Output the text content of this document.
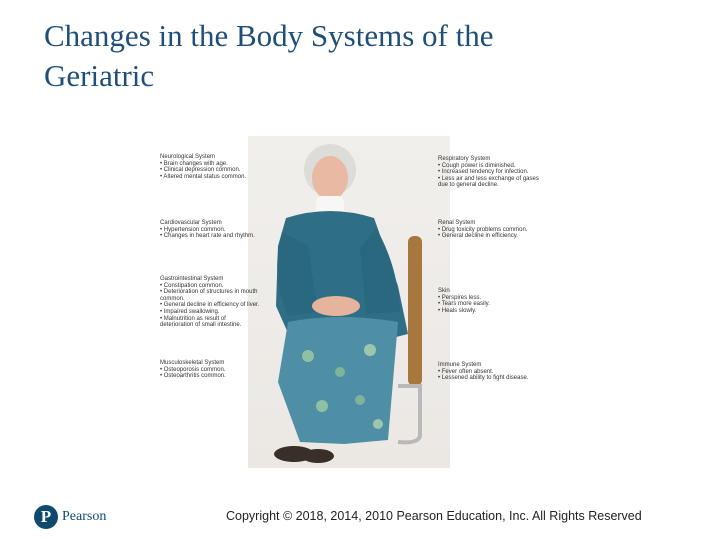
Changes in the Body Systems of the
Geriatric
Neurological System
• Brain changes with age.
• Clinical depression common.
• Altered mental status common.
Cardiovascular System
• Hypertension common.
• Changes in heart rate and rhythm.
Gastrointestinal System
• Constipation common.
• Deterioration of structures in mouth
common.
• General decline in efficiency of liver.
• Impaired swallowing.
• Malnutrition as result of
deterioration of small intestine.
Musculoskeletal System
• Osteoporosis common.
• Osteoarthritis common.
Respiratory System
• Cough power is diminished.
• Increased tendency for infection.
• Less air and less exchange of gases
due to general decline.
Renal System
• Drug toxicity problems common.
• General decline in efficiency.
Skin
• Perspires less.
• Tears more easily.
• Heals slowly.
Immune System
• Fever often absent.
• Lessened ability to fight disease.
P Pearson	Copyright © 2018, 2014, 2010 Pearson Education, Inc. All Rights Reserved
